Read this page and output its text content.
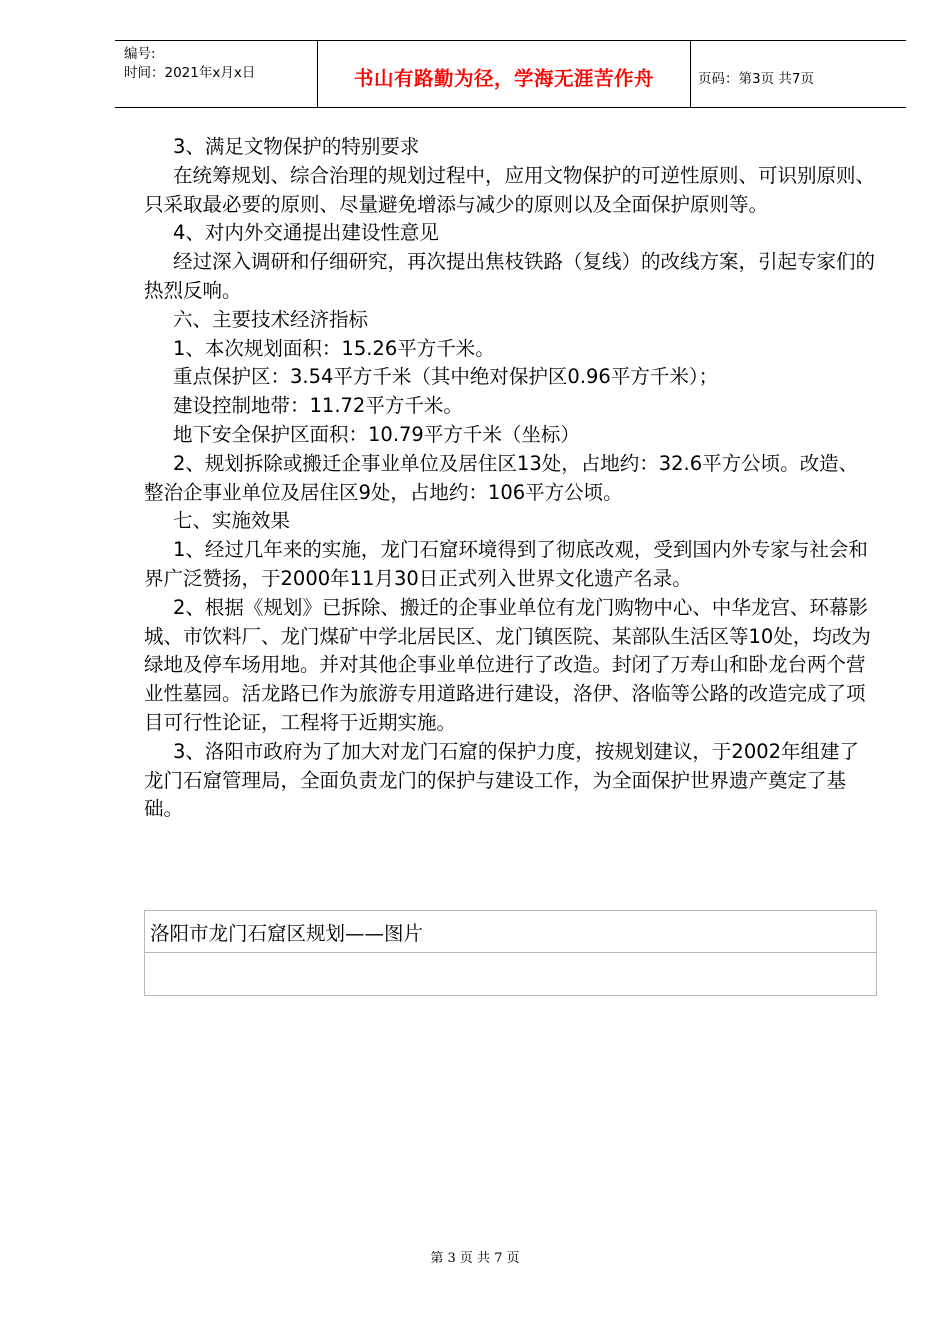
编号:
时间：2021年x月x日	书山有路勤为径，学海无涯苦作舟	页码：第3页 共7页

3、满足文物保护的特别要求

在统筹规划、综合治理的规划过程中，应用文物保护的可逆性原则、可识别原则、只采取最必要的原则、尽量避免增添与减少的原则以及全面保护原则等。

4、对内外交通提出建设性意见

经过深入调研和仔细研究，再次提出焦枝铁路（复线）的改线方案，引起专家们的热烈反响。

六、主要技术经济指标

1、本次规划面积：15.26平方千米。

重点保护区：3.54平方千米（其中绝对保护区0.96平方千米）；

建设控制地带：11.72平方千米。

地下安全保护区面积：10.79平方千米（坐标）

2、规划拆除或搬迁企事业单位及居住区13处，占地约：32.6平方公顷。改造、整治企事业单位及居住区9处，占地约：106平方公顷。

七、实施效果

1、经过几年来的实施，龙门石窟环境得到了彻底改观，受到国内外专家与社会和界广泛赞扬，于2000年11月30日正式列入世界文化遗产名录。

2、根据《规划》已拆除、搬迁的企事业单位有龙门购物中心、中华龙宫、环幕影城、市饮料厂、龙门煤矿中学北居民区、龙门镇医院、某部队生活区等10处，均改为绿地及停车场用地。并对其他企事业单位进行了改造。封闭了万寿山和卧龙台两个营业性墓园。活龙路已作为旅游专用道路进行建设，洛伊、洛临等公路的改造完成了项目可行性论证，工程将于近期实施。

3、洛阳市政府为了加大对龙门石窟的保护力度，按规划建议，于2002年组建了龙门石窟管理局，全面负责龙门的保护与建设工作，为全面保护世界遗产奠定了基础。

洛阳市龙门石窟区规划——图片
第 3 页 共 7 页
